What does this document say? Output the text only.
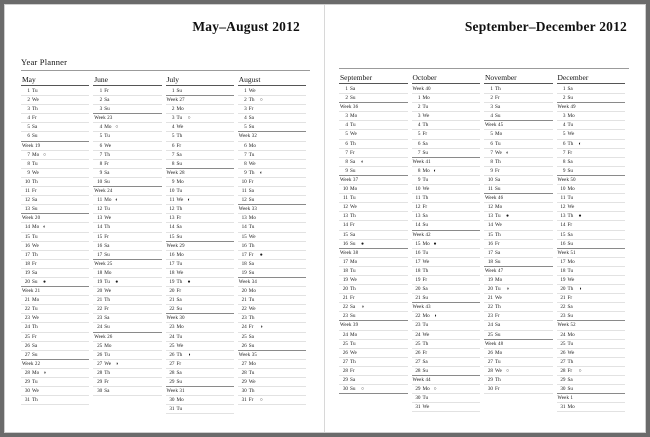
May–August 2012
Year Planner
May
1 Tu
2 We
3 Th
4 Fr
5 Sa
6 Su
Week 19
7 Mo ○
8 Tu
9 We
10 Th
11 Fr
12 Sa
13 Su
Week 20
14 Mo ◐
15 Tu
16 We
17 Th
18 Fr
19 Sa
20 Su ●
Week 21
21 Mo
22 Tu
23 We
24 Th
25 Fr
26 Sa
27 Su
Week 22
28 Mo ◑
29 Tu
30 We
31 Th
June
1 Fr
2 Sa
3 Su
Week 23
4 Mo ○
5 Tu
6 We
7 Th
8 Fr
9 Sa
10 Su
Week 24
11 Mo ◐
12 Tu
13 We
14 Th
15 Fr
16 Sa
17 Su
Week 25
18 Mo
19 Tu ●
20 We
21 Th
22 Fr
23 Sa
24 Su
Week 26
25 Mo
26 Tu
27 We ◑
28 Th
29 Fr
30 Sa
July
1 Su
Week 27
2 Mo
3 Tu ○
4 We
5 Th
6 Fr
7 Sa
8 Su
Week 28
9 Mo
10 Tu
11 We ◐
12 Th
13 Fr
14 Sa
15 Su
Week 29
16 Mo
17 Tu
18 We
19 Th ●
20 Fr
21 Sa
22 Su
Week 30
23 Mo
24 Tu
25 We
26 Th ◑
27 Fr
28 Sa
29 Su
Week 31
30 Mo
31 Tu
August
1 We
2 Th ○
3 Fr
4 Sa
5 Su
Week 32
6 Mo
7 Tu
8 We
9 Th ◐
10 Fr
11 Sa
12 Su
Week 33
13 Mo
14 Tu
15 We
16 Th
17 Fr ●
18 Sa
19 Su
Week 34
20 Mo
21 Tu
22 We
23 Th
24 Fr ◑
25 Sa
26 Su
Week 35
27 Mo
28 Tu
29 We
30 Th
31 Fr ○
September–December 2012
September
1 Sa
2 Su
Week 36
3 Mo
4 Tu
5 We
6 Th
7 Fr
8 Sa ◐
9 Su
Week 37
10 Mo
11 Tu
12 We
13 Th
14 Fr
15 Sa
16 Su ●
Week 38
17 Mo
18 Tu
19 We
20 Th
21 Fr
22 Sa ◑
23 Su
Week 39
24 Mo
25 Tu
26 We
27 Th
28 Fr
29 Sa
30 Su ○
October
Week 40
1 Mo
2 Tu
3 We
4 Th
5 Fr
6 Sa
7 Su
Week 41
8 Mo ◐
9 Tu
10 We
11 Th
12 Fr
13 Sa
14 Su
Week 42
15 Mo ●
16 Tu
17 We
18 Th
19 Fr
20 Sa
21 Su
Week 43
22 Mo ◑
23 Tu
24 We
25 Th
26 Fr
27 Sa
28 Su
Week 44
29 Mo ○
30 Tu
31 We
November
1 Th
2 Fr
3 Sa
4 Su
Week 45
5 Mo
6 Tu
7 We ◐
8 Th
9 Fr
10 Sa
11 Su
Week 46
12 Mo
13 Tu ●
14 We
15 Th
16 Fr
17 Sa
18 Su
Week 47
19 Mo
20 Tu ◑
21 We
22 Th
23 Fr
24 Sa
25 Su
Week 48
26 Mo
27 Tu
28 We ○
29 Th
30 Fr
December
1 Sa
2 Su
Week 49
3 Mo
4 Tu
5 We
6 Th ◐
7 Fr
8 Sa
9 Su
Week 50
10 Mo
11 Tu
12 We
13 Th ●
14 Fr
15 Sa
16 Su
Week 51
17 Mo
18 Tu
19 We
20 Th ◑
21 Fr
22 Sa
23 Su
Week 52
24 Mo
25 Tu
26 We
27 Th
28 Fr ○
29 Sa
30 Su
Week 1
31 Mo
